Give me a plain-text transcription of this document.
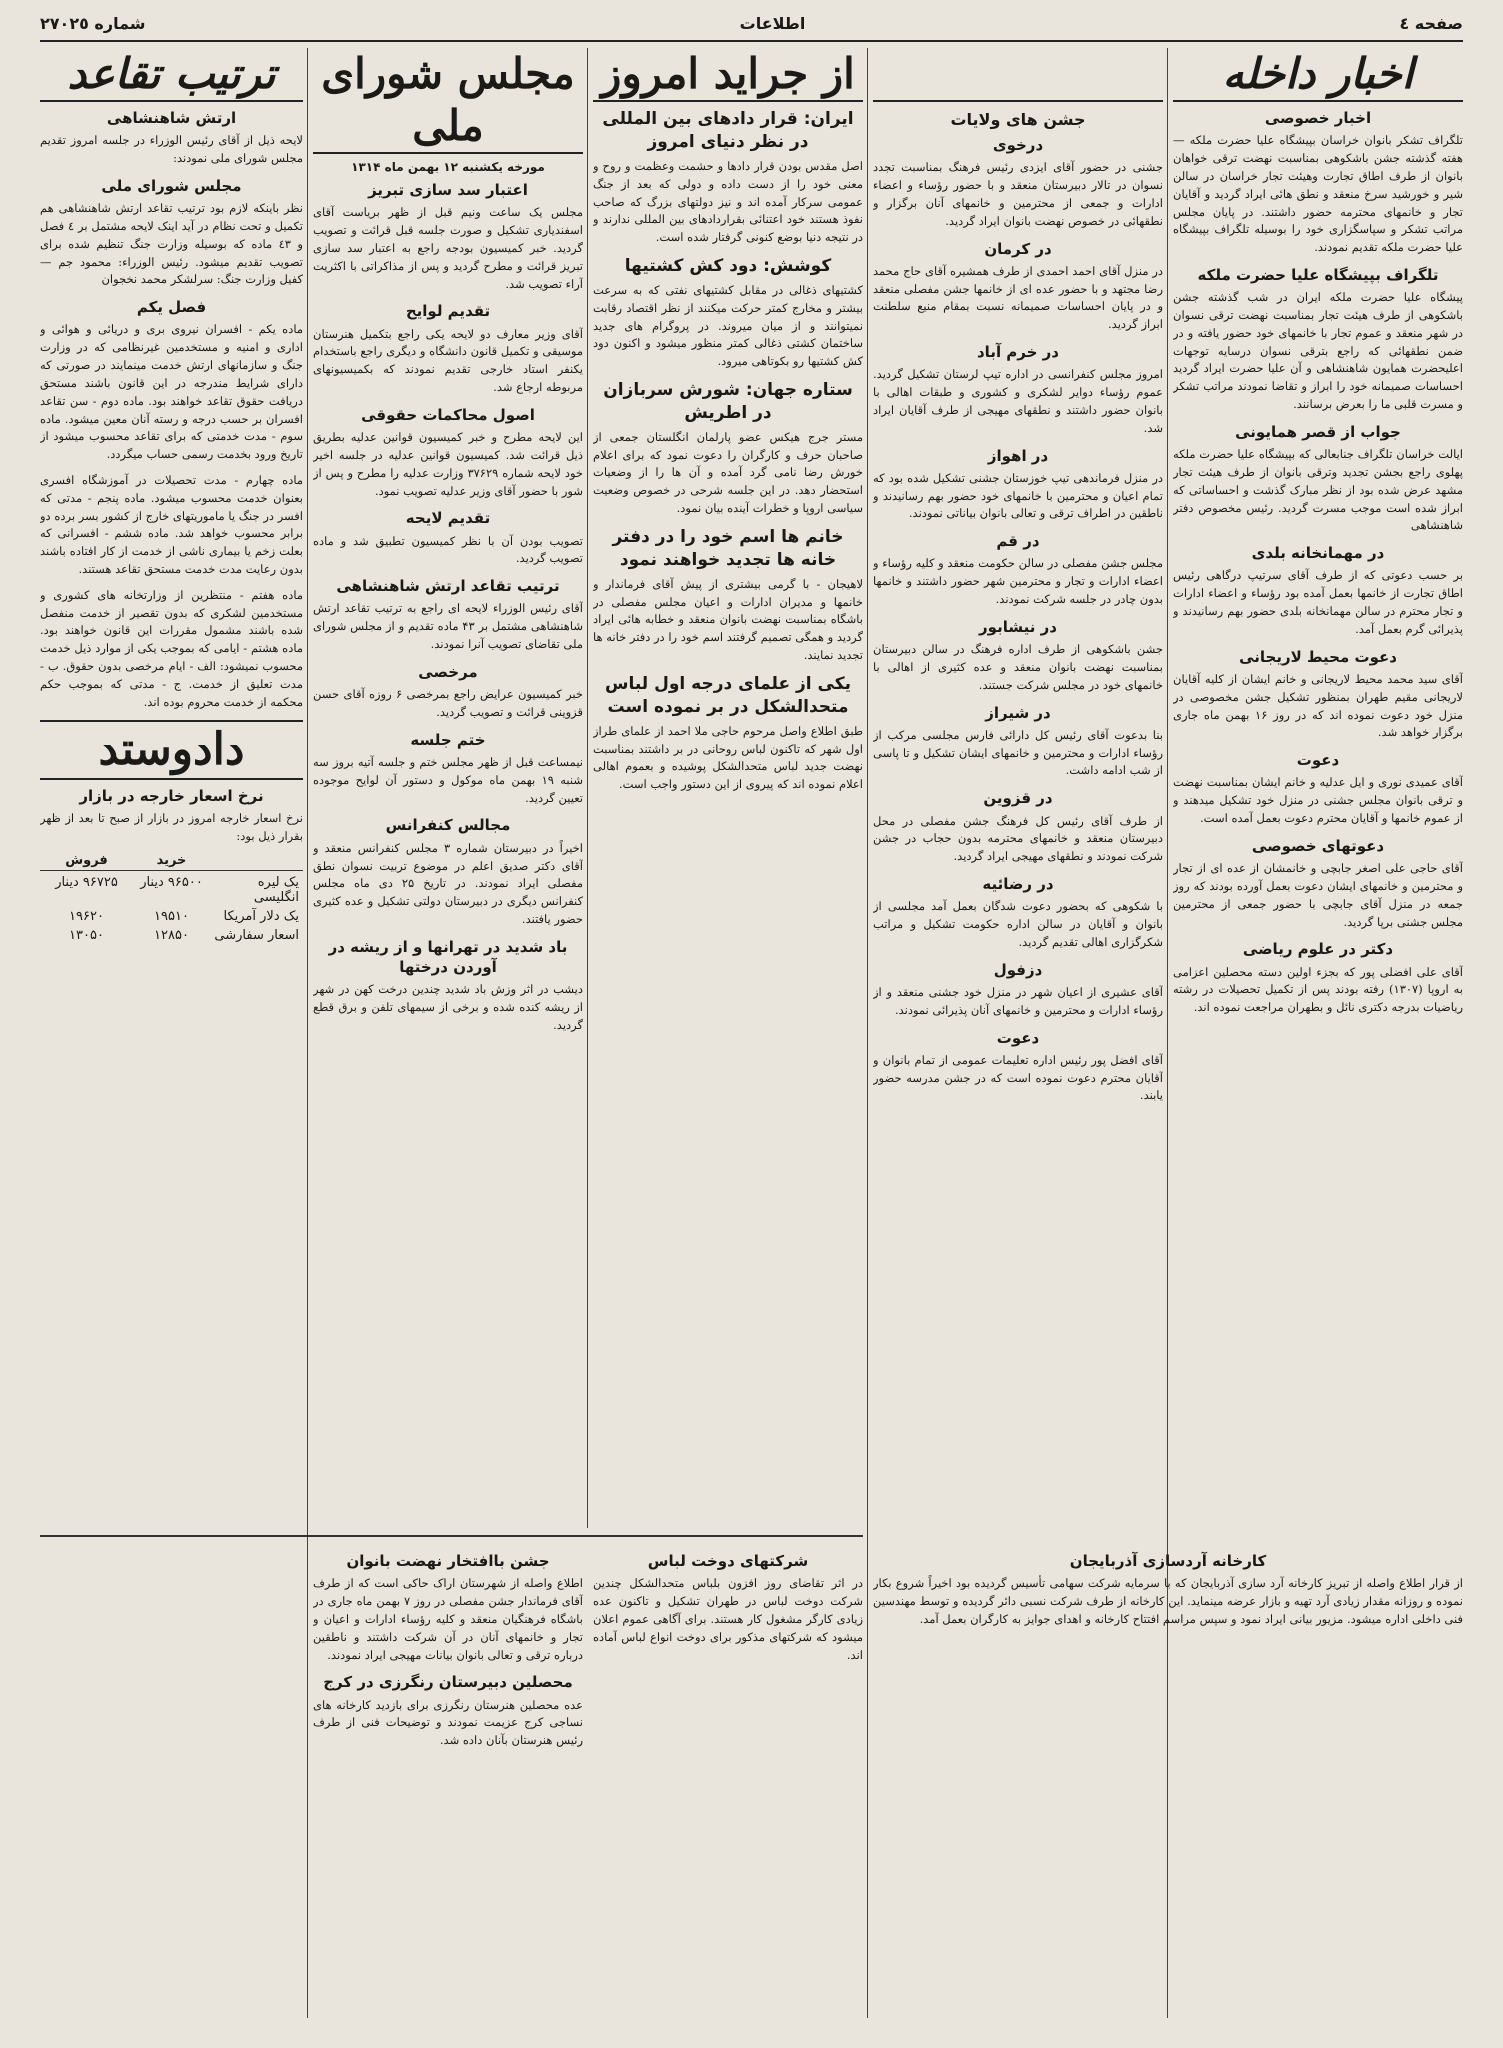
صفحه ٤
اطلاعات
شماره ٢٧٠٢٥
اخبار داخله
اخبار خصوصی

تلگراف تشکر بانوان خراسان بپیشگاه علیا حضرت ملکه — هفته گذشته جشن باشکوهی بمناسبت نهضت ترقی خواهان بانوان از طرف اطاق تجارت وهیئت تجار خراسان در سالن شیر و خورشید سرخ منعقد و نطق هائی ایراد گردید و آقایان تجار و خانمهای محترمه حضور داشتند. در پایان مجلس مراتب تشکر و سپاسگزاری خود را بوسیله تلگراف بپیشگاه علیا حضرت ملکه تقدیم نمودند.

تلگراف بپیشگاه علیا حضرت ملکه

پیشگاه علیا حضرت ملکه ایران در شب گذشته جشن باشکوهی از طرف هیئت تجار بمناسبت نهضت ترقی نسوان در شهر منعقد و عموم تجار با خانمهای خود حضور یافته و در ضمن نطقهائی که راجع بترقی نسوان درسایه توجهات اعلیحضرت همایون شاهنشاهی و آن علیا حضرت ایراد گردید احساسات صمیمانه خود را ابراز و تقاضا نمودند مراتب تشکر و مسرت قلبی ما را بعرض برسانند.

جواب از قصر همایونی

ایالت خراسان تلگراف جنابعالی که بپیشگاه علیا حضرت ملکه پهلوی راجع بجشن تجدید وترقی بانوان از طرف هیئت تجار مشهد عرض شده بود از نظر مبارک گذشت و احساساتی که ابراز شده است موجب مسرت گردید. رئیس مخصوص دفتر شاهنشاهی

در مهمانخانه بلدی

بر حسب دعوتی که از طرف آقای سرتیپ درگاهی رئیس اطاق تجارت از خانمها بعمل آمده بود رؤساء و اعضاء ادارات و تجار محترم در سالن مهمانخانه بلدی حضور بهم رسانیدند و پذیرائی گرم بعمل آمد.

دعوت محیط لاریجانی

آقای سید محمد محیط لاریجانی و خانم ایشان از کلیه آقایان لاریجانی مقیم طهران بمنظور تشکیل جشن مخصوصی در منزل خود دعوت نموده اند که در روز ۱۶ بهمن ماه جاری برگزار خواهد شد.

دعوت

آقای عمیدی نوری و ایل عدلیه و خانم ایشان بمناسبت نهضت و ترقی بانوان مجلس جشنی در منزل خود تشکیل میدهند و از عموم خانمها و آقایان محترم دعوت بعمل آمده است.

دعوتهای خصوصی

آقای حاجی علی اصغر جابچی و خانمشان از عده ای از تجار و محترمین و خانمهای ایشان دعوت بعمل آورده بودند که روز جمعه در منزل آقای جابچی با حضور جمعی از محترمین مجلس جشنی برپا گردید.

دکتر در علوم ریاضی

آقای علی افضلی پور که بجزء اولین دسته محصلین اعزامی به اروپا (۱۳۰۷) رفته بودند پس از تکمیل تحصیلات در رشته ریاضیات بدرجه دکتری نائل و بطهران مراجعت نموده اند.

جشن های ولایات
درخوی

جشنی در حضور آقای ایزدی رئیس فرهنگ بمناسبت تجدد نسوان در تالار دبیرستان منعقد و با حضور رؤساء و اعضاء ادارات و جمعی از محترمین و خانمهای آنان برگزار و نطقهائی در خصوص نهضت بانوان ایراد گردید.

در کرمان

در منزل آقای احمد احمدی از طرف همشیره آقای حاج محمد رضا مجتهد و با حضور عده ای از خانمها جشن مفصلی منعقد و در پایان احساسات صمیمانه نسبت بمقام منیع سلطنت ابراز گردید.

در خرم آباد

امروز مجلس کنفرانسی در اداره تیپ لرستان تشکیل گردید. عموم رؤساء دوایر لشکری و کشوری و طبقات اهالی با بانوان حضور داشتند و نطقهای مهیجی از طرف آقایان ایراد شد.

در اهواز

در منزل فرماندهی تیپ خوزستان جشنی تشکیل شده بود که تمام اعیان و محترمین با خانمهای خود حضور بهم رسانیدند و ناطقین در اطراف ترقی و تعالی بانوان بیاناتی نمودند.

در قم

مجلس جشن مفصلی در سالن حکومت منعقد و کلیه رؤساء و اعضاء ادارات و تجار و محترمین شهر حضور داشتند و خانمها بدون چادر در جلسه شرکت نمودند.

در نیشابور

جشن باشکوهی از طرف اداره فرهنگ در سالن دبیرستان بمناسبت نهضت بانوان منعقد و عده کثیری از اهالی با خانمهای خود در مجلس شرکت جستند.

در شیراز

بنا بدعوت آقای رئیس کل دارائی فارس مجلسی مرکب از رؤساء ادارات و محترمین و خانمهای ایشان تشکیل و تا پاسی از شب ادامه داشت.

در قزوین

از طرف آقای رئیس کل فرهنگ جشن مفصلی در محل دبیرستان منعقد و خانمهای محترمه بدون حجاب در جشن شرکت نمودند و نطقهای مهیجی ایراد گردید.

در رضائیه

با شکوهی که بحضور دعوت شدگان بعمل آمد مجلسی از بانوان و آقایان در سالن اداره حکومت تشکیل و مراتب شکرگزاری اهالی تقدیم گردید.

دزفول

آقای عشیری از اعیان شهر در منزل خود جشنی منعقد و از رؤساء ادارات و محترمین و خانمهای آنان پذیرائی نمودند.

دعوت

آقای افضل پور رئیس اداره تعلیمات عمومی از تمام بانوان و آقایان محترم دعوت نموده است که در جشن مدرسه حضور یابند.

از جراید امروز
ایران: قرار دادهای بین المللی در نظر دنیای امروز

اصل مقدس بودن قرار دادها و حشمت وعظمت و روح و معنی خود را از دست داده و دولی که بعد از جنگ عمومی سرکار آمده اند و نیز دولتهای بزرگ که صاحب نفوذ هستند خود اعتنائی بقراردادهای بین المللی ندارند و در نتیجه دنیا بوضع کنونی گرفتار شده است.

کوشش: دود کش کشتیها

کشتیهای ذغالی در مقابل کشتیهای نفتی که به سرعت بیشتر و مخارج کمتر حرکت میکنند از نظر اقتصاد رقابت نمیتوانند و از میان میروند. در پروگرام های جدید ساختمان کشتی ذغالی کمتر منظور میشود و اکنون دود کش کشتیها رو بکوتاهی میرود.

ستاره جهان: شورش سربازان در اطریش

مستر جرج هیکس عضو پارلمان انگلستان جمعی از صاحبان حرف و کارگران را دعوت نمود که برای اعلام خورش رضا نامی گرد آمده و آن ها را از وضعیات استحضار دهد. در این جلسه شرحی در خصوص وضعیت سیاسی اروپا و خطرات آینده بیان نمود.

خانم ها اسم خود را در دفتر خانه ها تجدید خواهند نمود

لاهیجان - با گرمی بیشتری از پیش آقای فرماندار و خانمها و مدیران ادارات و اعیان مجلس مفصلی در باشگاه بمناسبت نهضت بانوان منعقد و خطابه هائی ایراد گردید و همگی تصمیم گرفتند اسم خود را در دفتر خانه ها تجدید نمایند.

یکی از علمای درجه اول لباس متحدالشکل در بر نموده است

طبق اطلاع واصل مرحوم حاجی ملا احمد از علمای طراز اول شهر که تاکنون لباس روحانی در بر داشتند بمناسبت نهضت جدید لباس متحدالشکل پوشیده و بعموم اهالی اعلام نموده اند که پیروی از این دستور واجب است.

مجلس شورای ملی
مورخه یکشنبه ۱۲ بهمن ماه ۱۳۱۴
اعتبار سد سازی تبریز

مجلس یک ساعت ونیم قبل از ظهر بریاست آقای اسفندیاری تشکیل و صورت جلسه قبل قرائت و تصویب گردید. خبر کمیسیون بودجه راجع به اعتبار سد سازی تبریز قرائت و مطرح گردید و پس از مذاکراتی با اکثریت آراء تصویب شد.

تقدیم لوایح

آقای وزیر معارف دو لایحه یکی راجع بتکمیل هنرستان موسیقی و تکمیل قانون دانشگاه و دیگری راجع باستخدام یکنفر استاد خارجی تقدیم نمودند که بکمیسیونهای مربوطه ارجاع شد.

اصول محاکمات حقوقی

این لایحه مطرح و خبر کمیسیون قوانین عدلیه بطریق ذیل قرائت شد. کمیسیون قوانین عدلیه در جلسه اخیر خود لایحه شماره ۳۷۶۲۹ وزارت عدلیه را مطرح و پس از شور با حضور آقای وزیر عدلیه تصویب نمود.

تقدیم لایحه

تصویب بودن آن با نظر کمیسیون تطبیق شد و ماده تصویب گردید.

ترتیب تقاعد ارتش شاهنشاهی

آقای رئیس الوزراء لایحه ای راجع به ترتیب تقاعد ارتش شاهنشاهی مشتمل بر ۴۳ ماده تقدیم و از مجلس شورای ملی تقاضای تصویب آنرا نمودند.

مرخصی

خبر کمیسیون عرایض راجع بمرخصی ۶ روزه آقای حسن قزوینی قرائت و تصویب گردید.

ختم جلسه

نیمساعت قبل از ظهر مجلس ختم و جلسه آتیه بروز سه شنبه ۱۹ بهمن ماه موکول و دستور آن لوایح موجوده تعیین گردید.

مجالس کنفرانس

اخیراً در دبیرستان شماره ۳ مجلس کنفرانس منعقد و آقای دکتر صدیق اعلم در موضوع تربیت نسوان نطق مفصلی ایراد نمودند. در تاریخ ۲۵ دی ماه مجلس کنفرانس دیگری در دبیرستان دولتی تشکیل و عده کثیری حضور یافتند.

باد شدید در تهرانها و از ریشه در آوردن درختها

دیشب در اثر وزش باد شدید چندین درخت کهن در شهر از ریشه کنده شده و برخی از سیمهای تلفن و برق قطع گردید.

ترتیب تقاعد
ارتش شاهنشاهی

لایحه ذیل از آقای رئیس الوزراء در جلسه امروز تقدیم مجلس شورای ملی نمودند:

مجلس شورای ملی

نظر باینکه لازم بود ترتیب تقاعد ارتش شاهنشاهی هم تکمیل و تحت نظام در آید اینک لایحه مشتمل بر ٤ فصل و ٤٣ ماده که بوسیله وزارت جنگ تنظیم شده برای تصویب تقدیم میشود. رئیس الوزراء: محمود جم — کفیل وزارت جنگ: سرلشکر محمد نخجوان

فصل یکم

ماده یکم - افسران نیروی بری و دریائی و هوائی و اداری و امنیه و مستخدمین غیرنظامی که در وزارت جنگ و سازمانهای ارتش خدمت مینمایند در صورتی که دارای شرایط مندرجه در این قانون باشند مستحق دریافت حقوق تقاعد خواهند بود. ماده دوم - سن تقاعد افسران بر حسب درجه و رسته آنان معین میشود. ماده سوم - مدت خدمتی که برای تقاعد محسوب میشود از تاریخ ورود بخدمت رسمی حساب میگردد.

ماده چهارم - مدت تحصیلات در آموزشگاه افسری بعنوان خدمت محسوب میشود. ماده پنجم - مدتی که افسر در جنگ یا ماموریتهای خارج از کشور بسر برده دو برابر محسوب خواهد شد. ماده ششم - افسرانی که بعلت زخم یا بیماری ناشی از خدمت از کار افتاده باشند بدون رعایت مدت خدمت مستحق تقاعد هستند.

ماده هفتم - منتظرین از وزارتخانه های کشوری و مستخدمین لشکری که بدون تقصیر از خدمت منفصل شده باشند مشمول مقررات این قانون خواهند بود. ماده هشتم - ایامی که بموجب یکی از موارد ذیل خدمت محسوب نمیشود: الف - ایام مرخصی بدون حقوق. ب - مدت تعلیق از خدمت. ج - مدتی که بموجب حکم محکمه از خدمت محروم بوده اند.

دادوستد
نرخ اسعار خارجه در بازار

نرخ اسعار خارجه امروز در بازار از صبح تا بعد از ظهر بقرار ذیل بود:

خرید
فروش
یک لیره انگلیسی
۹۶۵۰۰ دینار
۹۶۷۲۵ دینار
یک دلار آمریکا
۱۹۵۱۰
۱۹۶۲۰
اسعار سفارشی
۱۲۸۵۰
۱۳۰۵۰
جشن باافتخار نهضت بانوان

اطلاع واصله از شهرستان اراک حاکی است که از طرف آقای فرماندار جشن مفصلی در روز ۷ بهمن ماه جاری در باشگاه فرهنگیان منعقد و کلیه رؤساء ادارات و اعیان و تجار و خانمهای آنان در آن شرکت داشتند و ناطقین درباره ترقی و تعالی بانوان بیانات مهیجی ایراد نمودند.

محصلین دبیرستان رنگرزی در کرج

عده محصلین هنرستان رنگرزی برای بازدید کارخانه های نساجی کرج عزیمت نمودند و توضیحات فنی از طرف رئیس هنرستان بآنان داده شد.

شرکتهای دوخت لباس

در اثر تقاضای روز افزون بلباس متحدالشکل چندین شرکت دوخت لباس در طهران تشکیل و تاکنون عده زیادی کارگر مشغول کار هستند. برای آگاهی عموم اعلان میشود که شرکتهای مذکور برای دوخت انواع لباس آماده اند.

کارخانه آردسازی آذربایجان

از قرار اطلاع واصله از تبریز کارخانه آرد سازی آذربایجان که با سرمایه شرکت سهامی تأسیس گردیده بود اخیراً شروع بکار نموده و روزانه مقدار زیادی آرد تهیه و بازار عرضه مینماید. این کارخانه از طرف شرکت نسبی دائر گردیده و توسط مهندسین فنی داخلی اداره میشود. مزیور بیانی ایراد نمود و سپس مراسم افتتاح کارخانه و اهدای جوایز به کارگران بعمل آمد.
